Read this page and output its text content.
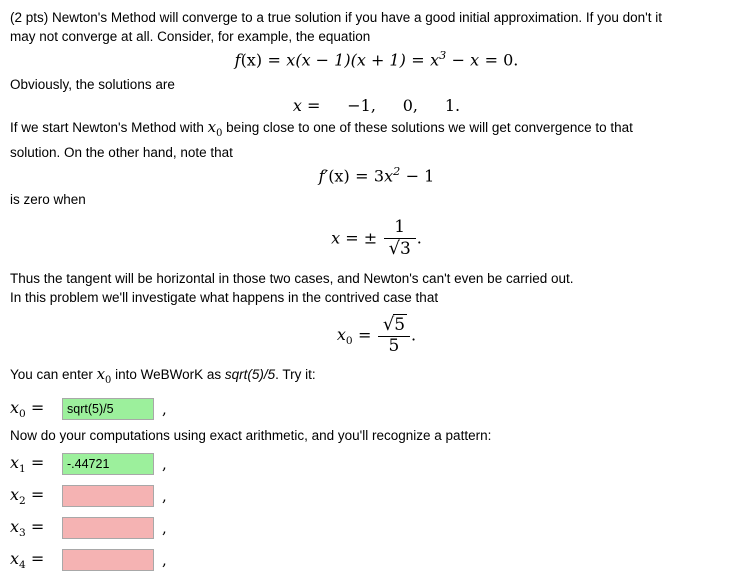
(2 pts) Newton's Method will converge to a true solution if you have a good initial approximation. If you don't it
may not converge at all. Consider, for example, the equation
$f(x) = x(x - 1)(x + 1) = x^3 - x = 0$.
Obviously, the solutions are
x = −1, 0, 1.
If we start Newton's Method with $x_0$ being close to one of these solutions we will get convergence to that
solution. On the other hand, note that
$f'(x) = 3x^2 - 1$
is zero when
x = ± $\frac{1}{√3}$ .
Thus the tangent will be horizontal in those two cases, and Newton's can't even be carried out.
In this problem we'll investigate what happens in the contrived case that
$x_0 = \frac{√5}{5}$ .
You can enter $x_0$ into WeBWorK as sqrt(5)/5. Try it:
$x_0$ =
sqrt(5)/5	,
Now do your computations using exact arithmetic, and you'll recognize a pattern:
$x_1$ =
-.44721	,
$x_2$ =	,
$x_3$ =	,
$x_4$ =	,
